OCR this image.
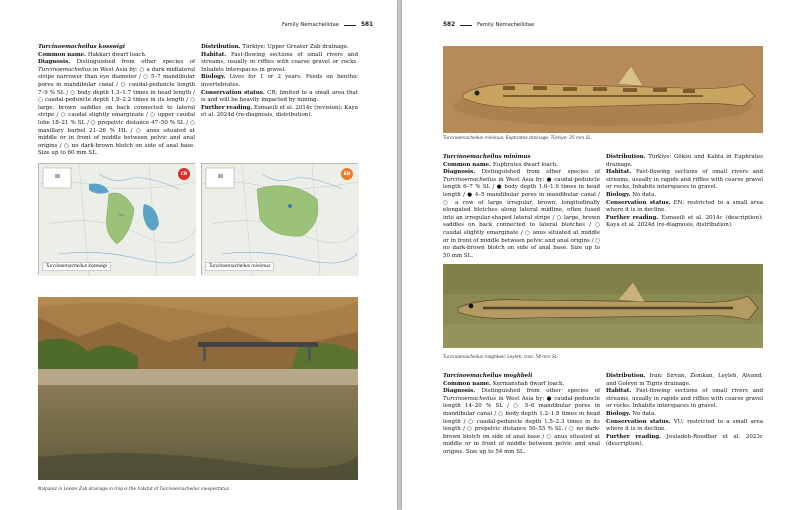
Family Nemacheilidae	581

Turcinoemacheilus kosswigi

Common name. Hakkari dwarf loach.

Diagnosis. Distinguished from other species of Turcinoemacheilus in West Asia by: ○ a dark midlateral stripe narrower than eye diameter / ○ 5–7 mandibular pores in mandibular canal / ○ caudal-peduncle length 7–9 % SL / ○ body depth 1.3–1.7 times in head length / ○ caudal-peduncle depth 1.9–2.2 times in its length / ○ large, brown saddles on back connected to lateral stripe / ○ caudal slightly emarginate / ○ upper caudal lobe 18–21 % SL / ○ prepelvic distance 47–50 % SL / ○ maxillary barbel 21–26 % HL / ○ anus situated at middle or in front of middle between pelvic and anal origins / ○ no dark-brown blotch on side of anal base. Size up to 60 mm SL.

Distribution. Türkiye: Upper Greater Zab drainage.

Habitat. Fast-flowing sections of small rivers and streams, usually in riffles with coarse gravel or rocks. Inhabits interspaces in gravel.

Biology. Lives for 1 or 2 years. Feeds on benthic invertebrates.

Conservation status. CR; limited to a small area that is and will be heavily impacted by mining.

Further reading. Esmaeili et al. 2014c (revision); Kaya et al. 2024d (re-diagnosis, distribution).

CR
Turcinoemacheilus kosswigi
EN
Turcinoemacheilus minimus
Nalparez in Lesser Zab drainage in Iraq is the habitat of Turcinoemacheilus inexpectatus.
582	Family Nemacheilidae
Turcinoemacheilus minimus; Euphrates drainage, Türkiye; 35 mm SL.

Turcinoemacheilus minimus

Common name. Euphrates dwarf loach.

Diagnosis. Distinguished from other species of Turcinoemacheilus in West Asia by: ● caudal-peduncle length 6–7 % SL / ● body depth 1.6–1.9 times in head length / ● 4–5 mandibular pores in mandibular canal / ○ a row of large irregular, brown, longitudinally elongated blotches along lateral midline, often fused into an irregular-shaped lateral stripe / ○ large, brown saddles on back connected to lateral blotches / ○ caudal slightly emarginate / ○ anus situated at middle or in front of middle between pelvic and anal origins / ○ no dark-brown blotch on side of anal base. Size up to 50 mm SL.

Distribution. Türkiye: Göksu and Kahta in Euphrates drainage.

Habitat. Fast-flowing sections of small rivers and streams, usually in rapids and riffles with coarse gravel or rocks. Inhabits interspaces in gravel.

Biology. No data.

Conservation status. EN; restricted to a small area where it is in decline.

Further reading. Esmaeili et al. 2014c (description); Kaya et al. 2024d (re-diagnosis, distribution).

Turcinoemacheilus moghbeli; Leyleh, Iran; 54 mm SL.

Turcinoemacheilus moghbeli

Common name. Kermanshah dwarf loach.

Diagnosis. Distinguished from other species of Turcinoemacheilus in West Asia by: ● caudal-peduncle length 14–20 % SL / ○ 5–6 mandibular pores in mandibular canal / ○ body depth 1.2–1.8 times in head length / ○ caudal-peduncle depth 1.5–2.3 times in its length / ○ prepelvic distance 50–55 % SL / ○ no dark-brown blotch on side of anal base / ○ anus situated at middle or in front of middle between pelvic and anal origins. Size up to 54 mm SL.

Distribution. Iran: Sirvan, Zemkan, Leyleh, Alvand, and Goleyn in Tigris drainage.

Habitat. Fast-flowing sections of small rivers and streams, usually in rapids and riffles with coarse gravel or rocks. Inhabits interspaces in gravel.

Biology. No data.

Conservation status. VU; restricted to a small area where it is in decline.

Further reading. Jouladeh-Roudbar et al. 2023c (description).
